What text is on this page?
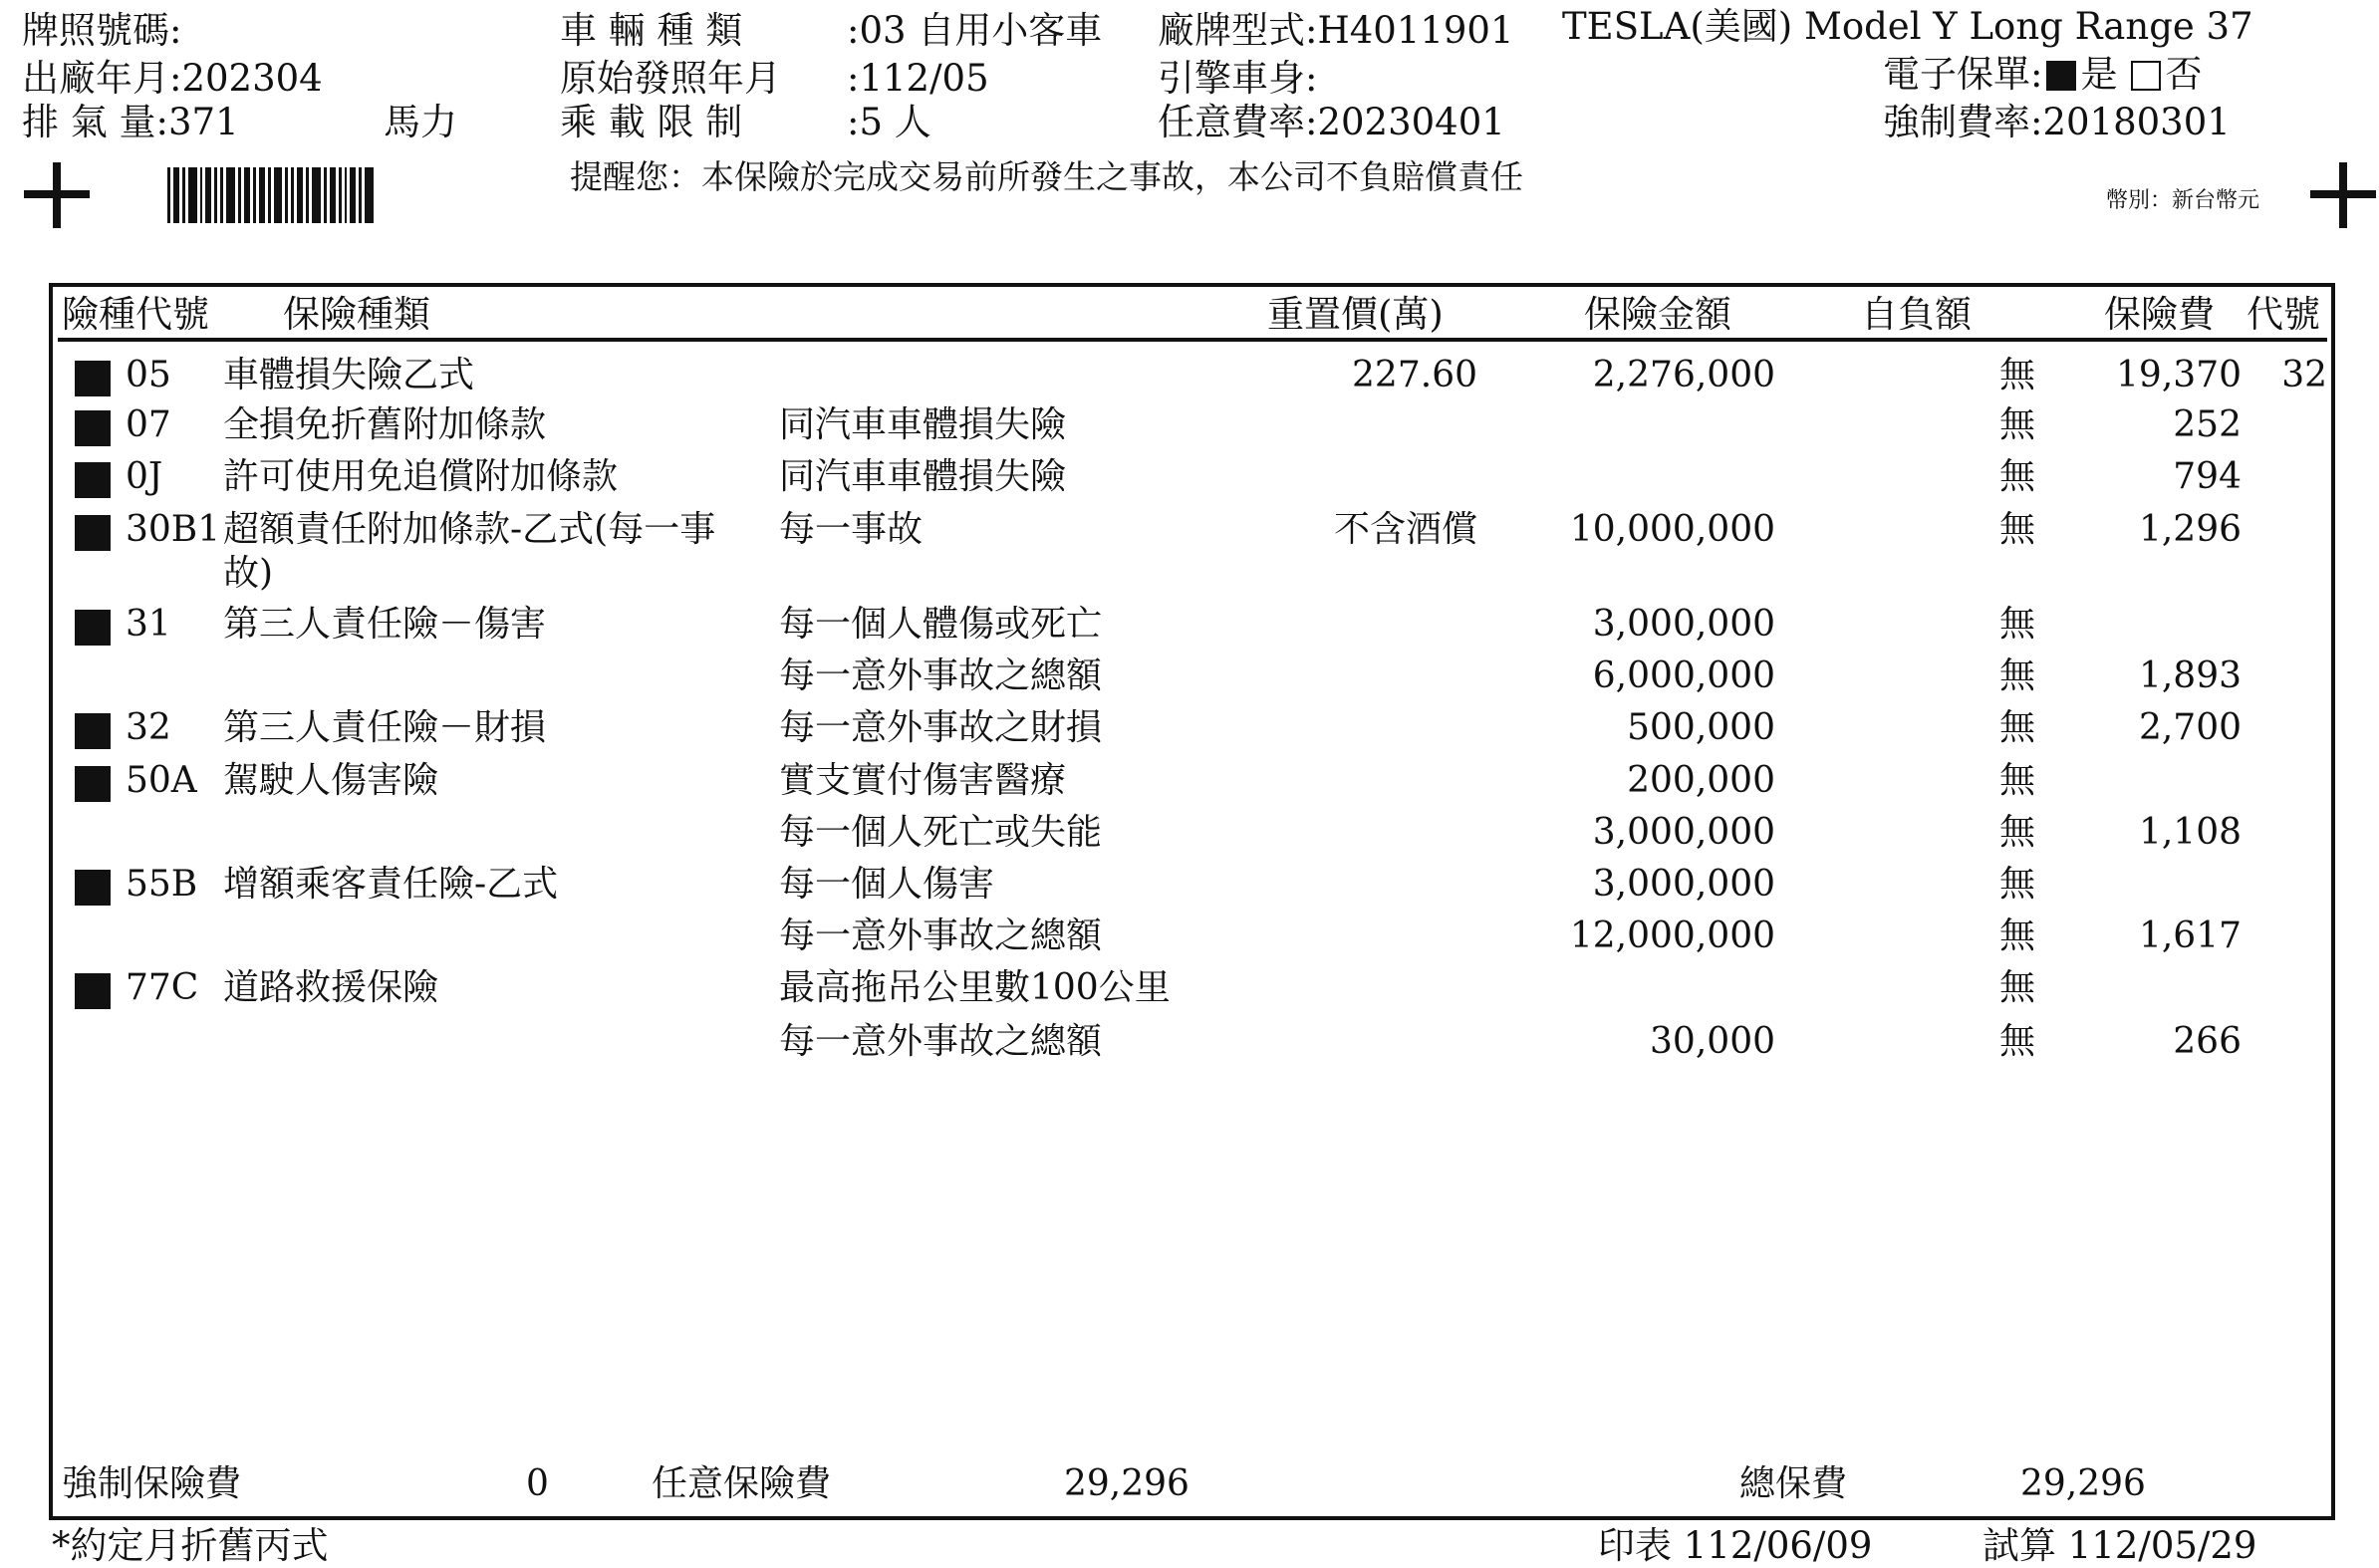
牌照號碼:
出廠年月:202304
排 氣 量:371	馬力
車 輛 種 類	:03 自用小客車 廠牌型式:H4011901 TESLA(美國) Model Y Long Range 37
原始發照年月 :112/05	引擎車身:	電子保單: 是 否
乘 載 限 制	:5 人	任意費率:20230401	強制費率:20180301
提醒您：本保險於完成交易前所發生之事故，本公司不負賠償責任
幣別：新台幣元
險種代號 保險種類	重置價(萬)	保險金額	自負額	保險費 代號
05 車體損失險乙式	227.60	2,276,000	無 19,370 32
07 全損免折舊附加條款	同汽車車體損失險	無	252
0J 許可使用免追償附加條款	同汽車車體損失險	無	794
30B1 超額責任附加條款-乙式(每一事
故)
每一事故	不含酒償	10,000,000	無	1,296
31 第三人責任險－傷害	每一個人體傷或死亡	3,000,000	無
每一意外事故之總額	6,000,000	無	1,893
32 第三人責任險－財損	每一意外事故之財損	500,000	無	2,700
50A 駕駛人傷害險	實支實付傷害醫療	200,000	無
每一個人死亡或失能	3,000,000	無	1,108
55B 增額乘客責任險-乙式	每一個人傷害	3,000,000	無
每一意外事故之總額	12,000,000	無	1,617
77C 道路救援保險	最高拖吊公里數100公里	無
每一意外事故之總額	30,000	無	266
強制保險費	0	任意保險費	29,296	總保費	29,296
*約定月折舊丙式	印表 112/06/09	試算 112/05/29
